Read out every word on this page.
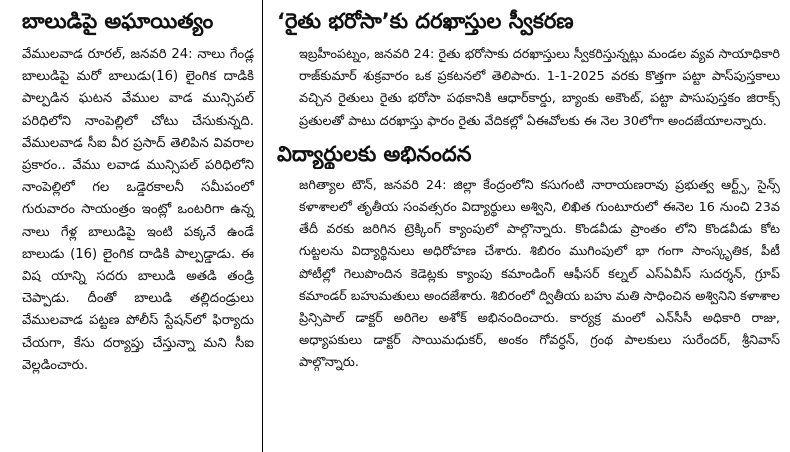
బాలుడిపై అఘాయిత్యం

వేములవాడ రూరల్‌, జనవరి 24: నాలు గేండ్ల బాలుడిపై మరో బాలుడు(16) లైంగిక దాడికి పాల్పడిన ఘటన వేముల వాడ మున్సిపల్‌ పరిధిలోని నాంపెల్లిలో చోటు చేసుకున్నది. వేములవాడ సీఐ వీర ప్రసాద్‌ తెలిపిన వివరాల ప్రకారం.. వేము లవాడ మున్సిపల్‌ పరిధిలోని నాంపెల్లిలో గల ఒడ్డెరకాలనీ సమీపంలో గురువారం సాయంత్రం ఇంట్లో ఒంటరిగా ఉన్న నాలు గేళ్ల బాలుడిపై ఇంటి పక్కనే ఉండే బాలుడు (16) లైంగిక దాడికి పాల్పడ్డాడు. ఈ విష యాన్ని సదరు బాలుడి అతడి తండ్రి చెప్పాడు. దీంతో బాలుడి తల్లిదండ్రులు వేములవాడ పట్టణ పోలీస్‌ స్టేషన్‌లో ఫిర్యాదు చేయగా, కేసు దర్యాప్తు చేస్తున్నా మని సీఐ వెల్లడించారు.

‘రైతు భరోసా’కు దరఖాస్తుల స్వీకరణ

ఇబ్రహీంపట్నం, జనవరి 24: రైతు భరోసాకు దరఖాస్తులు స్వీకరిస్తున్నట్లు మండల వ్యవ సాయాధికారి రాజ్‌కుమార్‌ శుక్రవారం ఒక ప్రకటనలో తెలిపారు. 1-1-2025 వరకు కొత్తగా పట్టా పాస్‌పుస్తకాలు వచ్చిన రైతులు రైతు భరోసా పథకానికి ఆధార్‌కార్డు, బ్యాంకు అకౌంట్‌, పట్టా పాసుపుస్తకం జిరాక్స్‌ ప్రతులతో పాటు దరఖాస్తు ఫారం రైతు వేదికల్లో ఏఈవోలకు ఈ నెల 30లోగా అందజేయాలన్నారు.

విద్యార్థులకు అభినందన

జగిత్యాల టౌన్‌, జనవరి 24: జిల్లా కేంద్రంలోని కసుగంటి నారాయణరావు ప్రభుత్వ ఆర్ట్స్‌, సైన్స్‌ కళాశాలలో తృతీయ సంవత్సరం విద్యార్థులు అశ్విని, లిఖిత గుంటూరులో ఈనెల 16 నుంచి 23వ తేదీ వరకు జరిగిన ట్రెక్కింగ్‌ క్యాంపులో పాల్గొన్నారు. కొండవీడు ప్రాంతం లోని కొండవీడు కోట గుట్టలను విద్యార్థినులు అధిరోహణ చేశారు. శిబిరం ముగింపులో భా గంగా సాంస్కృతిక, పీటీ పోటీల్లో గెలుపొందిన కెడెట్లకు క్యాంపు కమాండింగ్‌ ఆఫీసర్‌ కల్నల్‌ ఎస్‌ఏవీస్‌ సుదర్శన్‌, గ్రూప్‌ కమాండర్‌ బహుమతులు అందజేశారు. శిబిరంలో ద్వితీయ బహు మతి సాధించిన అశ్వినిని కళాశాల ప్రిన్సిపాల్‌ డాక్టర్‌ అరిగెల అశోక్‌ అభినందించారు. కార్యక్ర మంలో ఎన్‌సీసీ అధికారి రాజు, అధ్యాపకులు డాక్టర్‌ సాయిమధుకర్‌, అంకం గోవర్ధన్‌, గ్రంథ పాలకులు సురేందర్‌, శ్రీనివాస్‌ పాల్గొన్నారు.
